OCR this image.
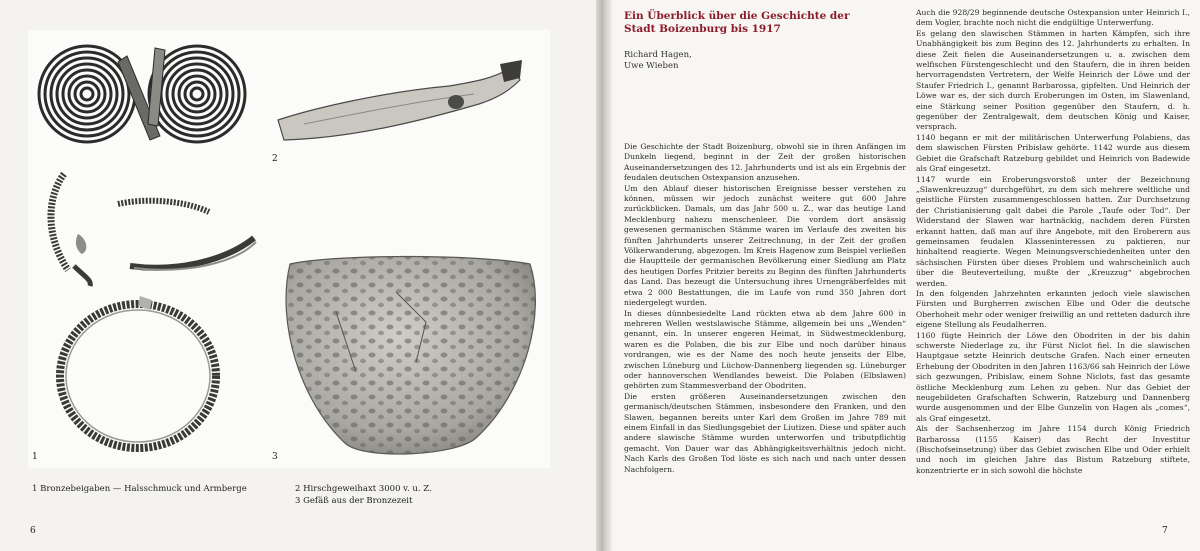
1
2
3
1 Bronzebeigaben — Halsschmuck und Armberge	2 Hirschgeweihaxt 3000 v. u. Z.
3 Gefäß aus der Bronzezeit
6
Ein Überblick über die Geschichte der Stadt Boizenburg bis 1917
Richard Hagen,
Uwe Wieben

Die Geschichte der Stadt Boizenburg, obwohl sie in ihren Anfängen im Dunkeln liegend, beginnt in der Zeit der großen historischen Auseinandersetzungen des 12. Jahrhunderts und ist als ein Ergebnis der feudalen deutschen Ostexpansion anzusehen.

Um den Ablauf dieser historischen Ereignisse besser verstehen zu können, müssen wir jedoch zunächst weitere gut 600 Jahre zurückblicken. Damals, um das Jahr 500 u. Z., war das heutige Land Mecklenburg nahezu menschenleer. Die vordem dort ansässig gewesenen germanischen Stämme waren im Verlaufe des zweiten bis fünften Jahrhunderts unserer Zeitrechnung, in der Zeit der großen Völkerwanderung, abgezogen. Im Kreis Hagenow zum Beispiel verließen die Hauptteile der germanischen Bevölkerung einer Siedlung am Platz des heutigen Dorfes Pritzier bereits zu Beginn des fünften Jahrhunderts das Land. Das bezeugt die Untersuchung ihres Urnengräberfeldes mit etwa 2 000 Bestattungen, die im Laufe von rund 350 Jahren dort niedergelegt wurden.

In dieses dünnbesiedelte Land rückten etwa ab dem Jahre 600 in mehreren Wellen westslawische Stämme, allgemein bei uns „Wenden“ genannt, ein. In unserer engeren Heimat, in Südwestmecklenburg, waren es die Polaben, die bis zur Elbe und noch darüber hinaus vordrangen, wie es der Name des noch heute jenseits der Elbe, zwischen Lüneburg und Lüchow-Dannenberg liegenden sg. Lüneburger oder hannoverschen Wendlandes beweist. Die Polaben (Elbslawen) gehörten zum Stammesverband der Obodriten.

Die ersten größeren Auseinandersetzungen zwischen den germanisch/deutschen Stämmen, insbesondere den Franken, und den Slawen, begannen bereits unter Karl dem Großen im Jahre 789 mit einem Einfall in das Siedlungsgebiet der Liutizen. Diese und später auch andere slawische Stämme wurden unterworfen und tributpflichtig gemacht. Von Dauer war das Abhängigkeitsverhältnis jedoch nicht. Nach Karls des Großen Tod löste es sich nach und nach unter dessen Nachfolgern.

Auch die 928/29 beginnende deutsche Ostexpansion unter Heinrich I., dem Vogler, brachte noch nicht die endgültige Unterwerfung.

Es gelang den slawischen Stämmen in harten Kämpfen, sich ihre Unabhängigkeit bis zum Beginn des 12. Jahrhunderts zu erhalten. In diese Zeit fielen die Auseinandersetzungen u. a. zwischen dem welfischen Fürstengeschlecht und den Staufern, die in ihren beiden hervorragendsten Vertretern, der Welfe Heinrich der Löwe und der Staufer Friedrich I., genannt Barbarossa, gipfelten. Und Heinrich der Löwe war es, der sich durch Eroberungen im Osten, im Slawenland, eine Stärkung seiner Position gegenüber den Staufern, d. h. gegenüber der Zentralgewalt, dem deutschen König und Kaiser, versprach.

1140 begann er mit der militärischen Unterwerfung Polabiens, das dem slawischen Fürsten Pribislaw gehörte. 1142 wurde aus diesem Gebiet die Grafschaft Ratzeburg gebildet und Heinrich von Badewide als Graf eingesetzt.

1147 wurde ein Eroberungsvorstoß unter der Bezeichnung „Slawenkreuzzug“ durchgeführt, zu dem sich mehrere weltliche und geistliche Fürsten zusammengeschlossen hatten. Zur Durchsetzung der Christianisierung galt dabei die Parole „Taufe oder Tod“. Der Widerstand der Slawen war hartnäckig, nachdem deren Fürsten erkannt hatten, daß man auf ihre Angebote, mit den Eroberern aus gemeinsamen feudalen Klasseninteressen zu paktieren, nur hinhaltend reagierte. Wegen Meinungsverschiedenheiten unter den sächsischen Fürsten über dieses Problem und wahrscheinlich auch über die Beuteverteilung, mußte der „Kreuzzug“ abgebrochen werden.

In den folgenden Jahrzehnten erkannten jedoch viele slawischen Fürsten und Burgherren zwischen Elbe und Oder die deutsche Oberhoheit mehr oder weniger freiwillig an und retteten dadurch ihre eigene Stellung als Feudalherren.

1160 fügte Heinrich der Löwe den Obodriten in der bis dahin schwerste Niederlage zu, ihr Fürst Niclot fiel. In die slawischen Hauptgaue setzte Heinrich deutsche Grafen. Nach einer erneuten Erhebung der Obodriten in den Jahren 1163/66 sah Heinrich der Löwe sich gezwungen, Pribislaw, einem Sohne Niclots, fast das gesamte östliche Mecklenburg zum Lehen zu geben. Nur das Gebiet der neugebildeten Grafschaften Schwerin, Ratzeburg und Dannenberg wurde ausgenommen und der Elbe Gunzelin von Hagen als „comes“, als Graf eingesetzt.

Als der Sachsenherzog im Jahre 1154 durch König Friedrich Barbarossa (1155 Kaiser) das Recht der Investitur (Bischofseinsetzung) über das Gebiet zwischen Elbe und Oder erhielt und noch im gleichen Jahre das Bistum Ratzeburg stiftete, konzentrierte er in sich sowohl die höchste

7
